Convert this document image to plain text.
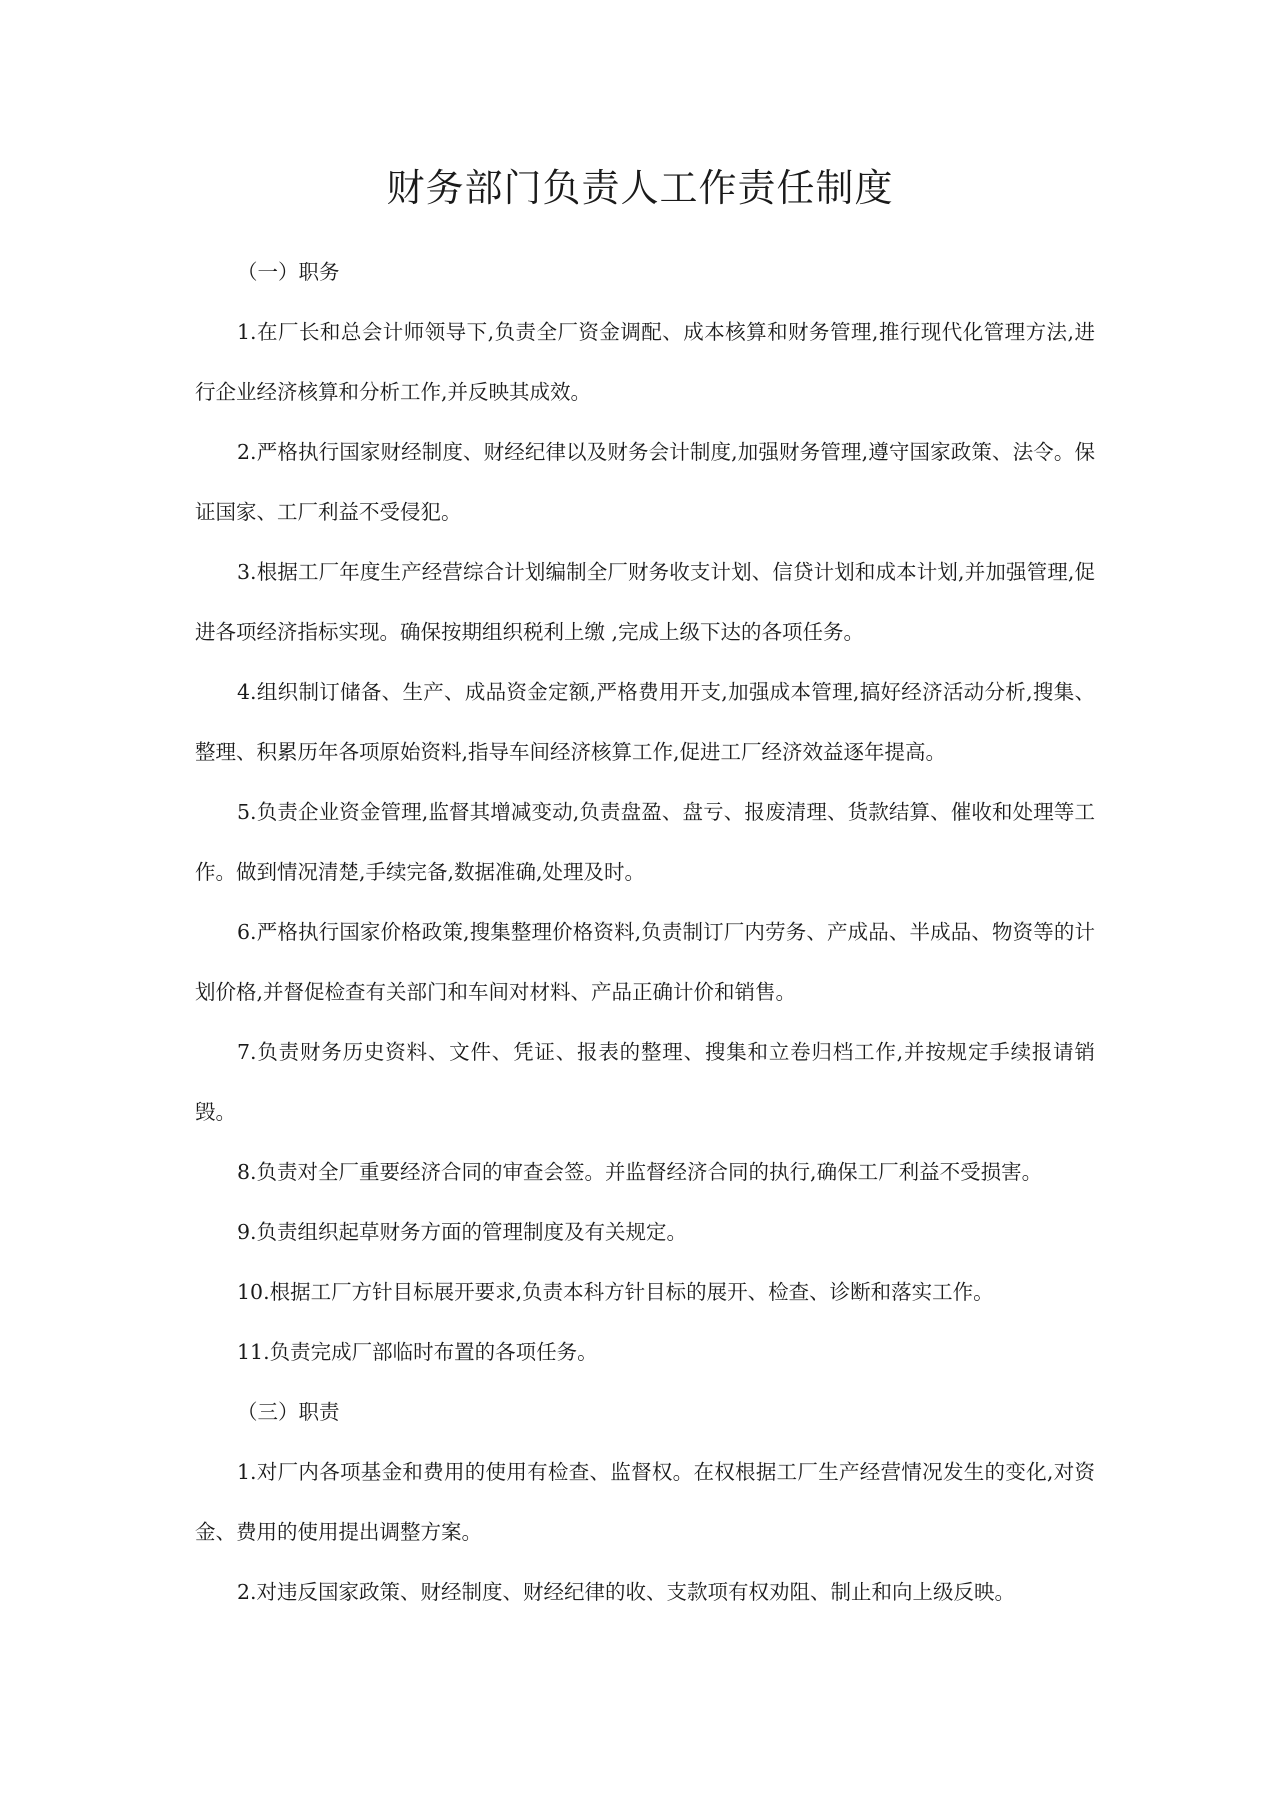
财务部门负责人工作责任制度

（一）职务

1.在厂长和总会计师领导下,负责全厂资金调配、成本核算和财务管理,推行现代化管理方法,进行企业经济核算和分析工作,并反映其成效。

2.严格执行国家财经制度、财经纪律以及财务会计制度,加强财务管理,遵守国家政策、法令。保证国家、工厂利益不受侵犯。

3.根据工厂年度生产经营综合计划编制全厂财务收支计划、信贷计划和成本计划,并加强管理,促进各项经济指标实现。确保按期组织税利上缴 ,完成上级下达的各项任务。

4.组织制订储备、生产、成品资金定额,严格费用开支,加强成本管理,搞好经济活动分析,搜集、整理、积累历年各项原始资料,指导车间经济核算工作,促进工厂经济效益逐年提高。

5.负责企业资金管理,监督其增减变动,负责盘盈、盘亏、报废清理、货款结算、催收和处理等工作。做到情况清楚,手续完备,数据准确,处理及时。

6.严格执行国家价格政策,搜集整理价格资料,负责制订厂内劳务、产成品、半成品、物资等的计划价格,并督促检查有关部门和车间对材料、产品正确计价和销售。

7.负责财务历史资料、文件、凭证、报表的整理、搜集和立卷归档工作,并按规定手续报请销毁。

8.负责对全厂重要经济合同的审查会签。并监督经济合同的执行,确保工厂利益不受损害。

9.负责组织起草财务方面的管理制度及有关规定。

10.根据工厂方针目标展开要求,负责本科方针目标的展开、检查、诊断和落实工作。

11.负责完成厂部临时布置的各项任务。

（三）职责

1.对厂内各项基金和费用的使用有检查、监督权。在权根据工厂生产经营情况发生的变化,对资金、费用的使用提出调整方案。

2.对违反国家政策、财经制度、财经纪律的收、支款项有权劝阻、制止和向上级反映。
